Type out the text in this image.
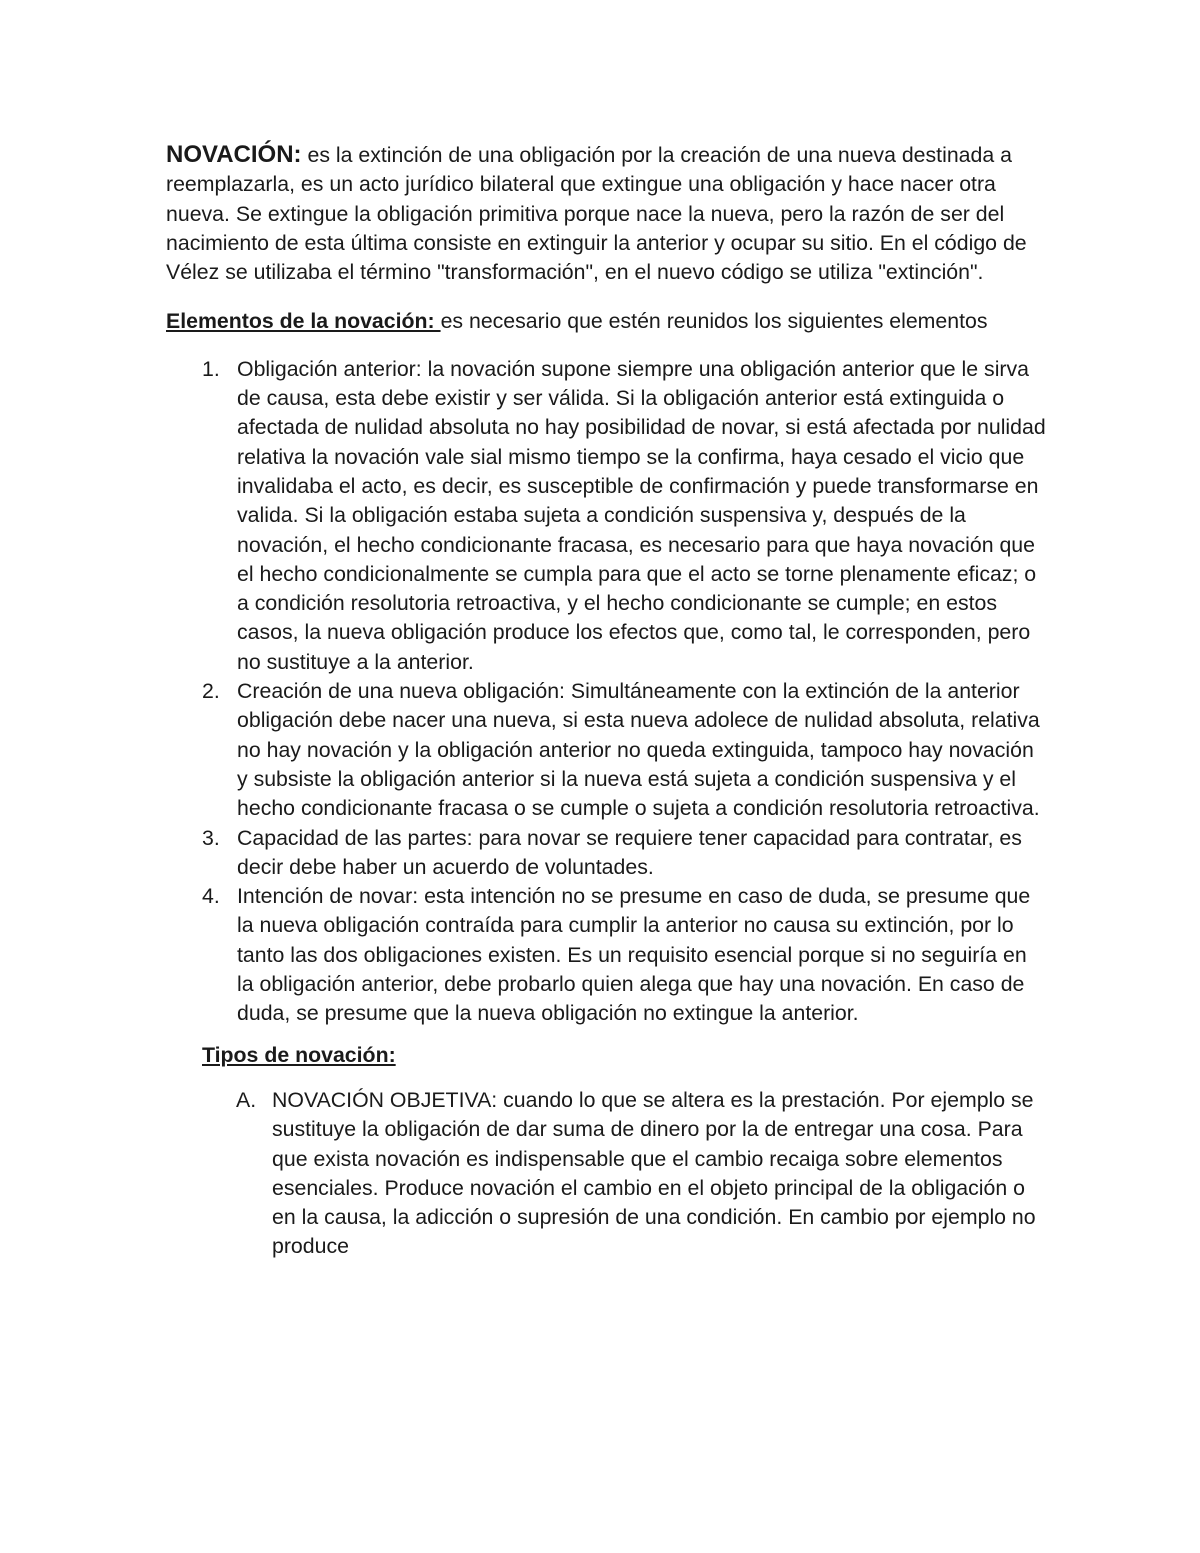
NOVACIÓN: es la extinción de una obligación por la creación de una nueva destinada a reemplazarla, es un acto jurídico bilateral que extingue una obligación y hace nacer otra nueva. Se extingue la obligación primitiva porque nace la nueva, pero la razón de ser del nacimiento de esta última consiste en extinguir la anterior y ocupar su sitio. En el código de Vélez se utilizaba el término "transformación", en el nuevo código se utiliza "extinción".

Elementos de la novación: es necesario que estén reunidos los siguientes elementos

1. Obligación anterior: la novación supone siempre una obligación anterior que le sirva de causa, esta debe existir y ser válida. Si la obligación anterior está extinguida o afectada de nulidad absoluta no hay posibilidad de novar, si está afectada por nulidad relativa la novación vale sial mismo tiempo se la confirma, haya cesado el vicio que invalidaba el acto, es decir, es susceptible de confirmación y puede transformarse en valida. Si la obligación estaba sujeta a condición suspensiva y, después de la novación, el hecho condicionante fracasa, es necesario para que haya novación que el hecho condicionalmente se cumpla para que el acto se torne plenamente eficaz; o a condición resolutoria retroactiva, y el hecho condicionante se cumple; en estos casos, la nueva obligación produce los efectos que, como tal, le corresponden, pero no sustituye a la anterior.
2. Creación de una nueva obligación: Simultáneamente con la extinción de la anterior obligación debe nacer una nueva, si esta nueva adolece de nulidad absoluta, relativa no hay novación y la obligación anterior no queda extinguida, tampoco hay novación y subsiste la obligación anterior si la nueva está sujeta a condición suspensiva y el hecho condicionante fracasa o se cumple o sujeta a condición resolutoria retroactiva.
3. Capacidad de las partes: para novar se requiere tener capacidad para contratar, es decir debe haber un acuerdo de voluntades.
4. Intención de novar: esta intención no se presume en caso de duda, se presume que la nueva obligación contraída para cumplir la anterior no causa su extinción, por lo tanto las dos obligaciones existen. Es un requisito esencial porque si no seguiría en la obligación anterior, debe probarlo quien alega que hay una novación. En caso de duda, se presume que la nueva obligación no extingue la anterior.

Tipos de novación:

A. NOVACIÓN OBJETIVA: cuando lo que se altera es la prestación. Por ejemplo se sustituye la obligación de dar suma de dinero por la de entregar una cosa. Para que exista novación es indispensable que el cambio recaiga sobre elementos esenciales. Produce novación el cambio en el objeto principal de la obligación o en la causa, la adicción o supresión de una condición. En cambio por ejemplo no produce
